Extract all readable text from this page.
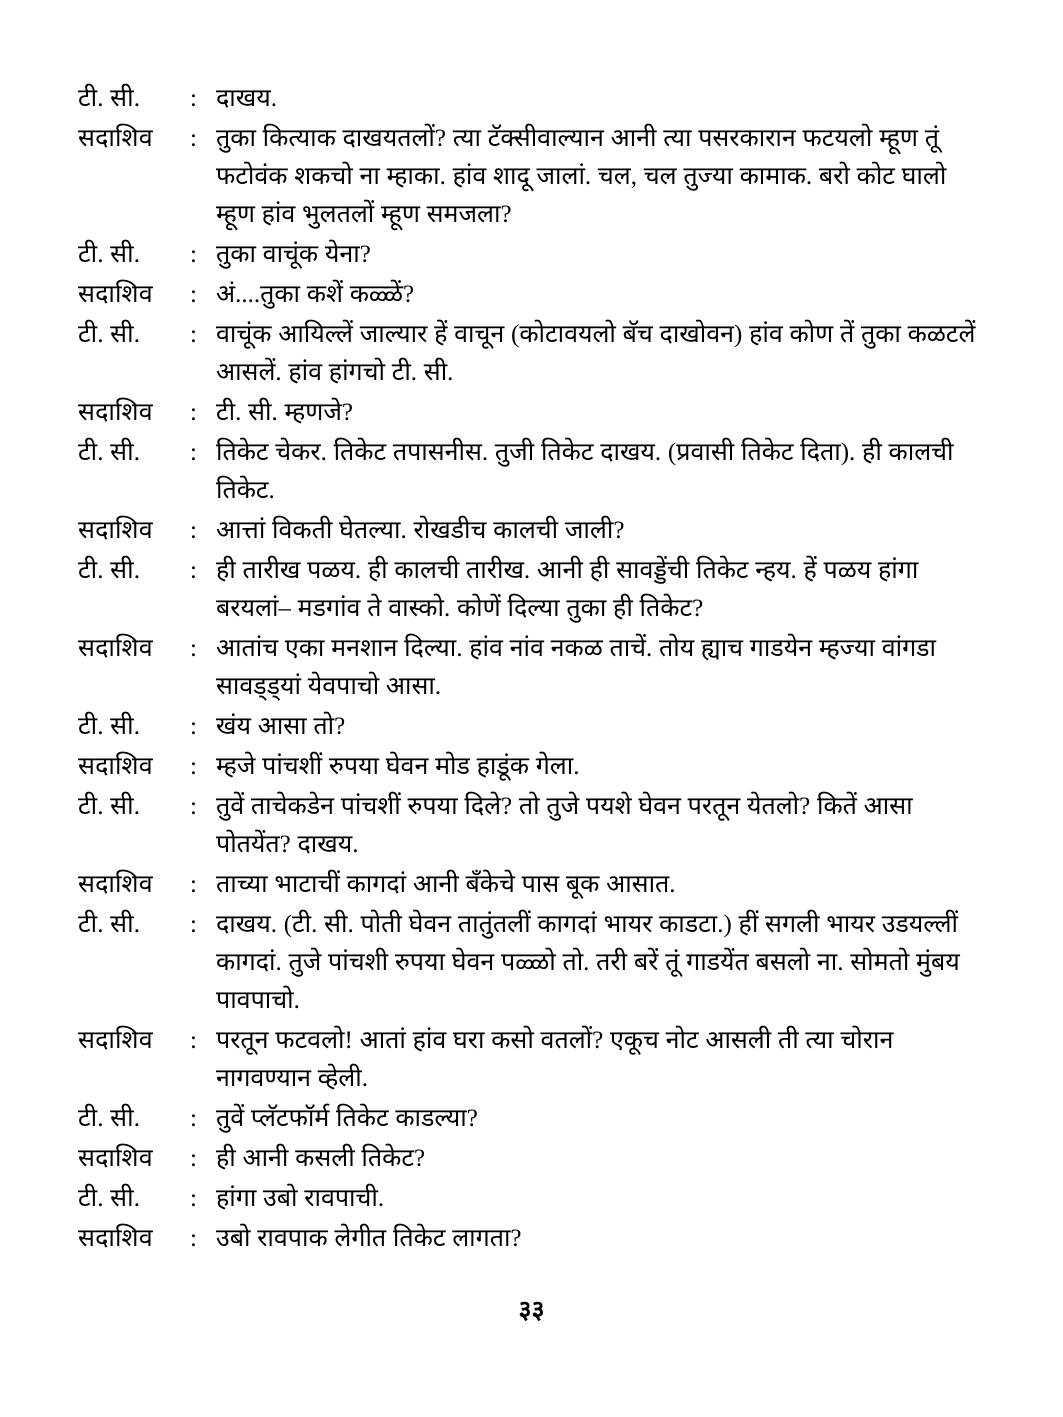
टी. सी.	: दाखय.
सदाशिव	: तुका कित्याक दाखयतलों? त्या टॅक्सीवाल्यान आनी त्या पसरकारान फटयलो म्हूण तूं फटोवंक शकचो ना म्हाका. हांव शादू जालां. चल, चल तुज्या कामाक. बरो कोट घालो म्हूण हांव भुलतलों म्हूण समजला?
टी. सी.	: तुका वाचूंक येना?
सदाशिव	: अं....तुका कशें कळ्ळें?
टी. सी.	: वाचूंक आयिल्लें जाल्यार हें वाचून (कोटावयलो बॅच दाखोवन) हांव कोण तें तुका कळटलें आसलें. हांव हांगचो टी. सी.
सदाशिव	: टी. सी. म्हणजे?
टी. सी.	: तिकेट चेकर. तिकेट तपासनीस. तुजी तिकेट दाखय. (प्रवासी तिकेट दिता). ही कालची तिकेट.
सदाशिव	: आत्तां विकती घेतल्या. रोखडीच कालची जाली?
टी. सी.	: ही तारीख पळय. ही कालची तारीख. आनी ही सावड्डेंची तिकेट न्हय. हें पळय हांगा बरयलां– मडगांव ते वास्को. कोणें दिल्या तुका ही तिकेट?
सदाशिव	: आतांच एका मनशान दिल्या. हांव नांव नकळ ताचें. तोय ह्याच गाडयेन म्हज्या वांगडा सावड्ड्यां येवपाचो आसा.
टी. सी.	: खंय आसा तो?
सदाशिव	: म्हजे पांचशीं रुपया घेवन मोड हाडूंक गेला.
टी. सी.	: तुवें ताचेकडेन पांचशीं रुपया दिले? तो तुजे पयशे घेवन परतून येतलो? कितें आसा पोतयेंत? दाखय.
सदाशिव	: ताच्या भाटाचीं कागदां आनी बँकेचे पास बूक आसात.
टी. सी.	: दाखय. (टी. सी. पोती घेवन तातुंतलीं कागदां भायर काडटा.) हीं सगली भायर उडयल्लीं कागदां. तुजे पांचशी रुपया घेवन पळ्ळो तो. तरी बरें तूं गाडयेंत बसलो ना. सोमतो मुंबय पावपाचो.
सदाशिव	: परतून फटवलो! आतां हांव घरा कसो वतलों? एकूच नोट आसली ती त्या चोरान नागवण्यान व्हेली.
टी. सी.	: तुवें प्लॅटफॉर्म तिकेट काडल्या?
सदाशिव	: ही आनी कसली तिकेट?
टी. सी.	: हांगा उबो रावपाची.
सदाशिव	: उबो रावपाक लेगीत तिकेट लागता?
३३
